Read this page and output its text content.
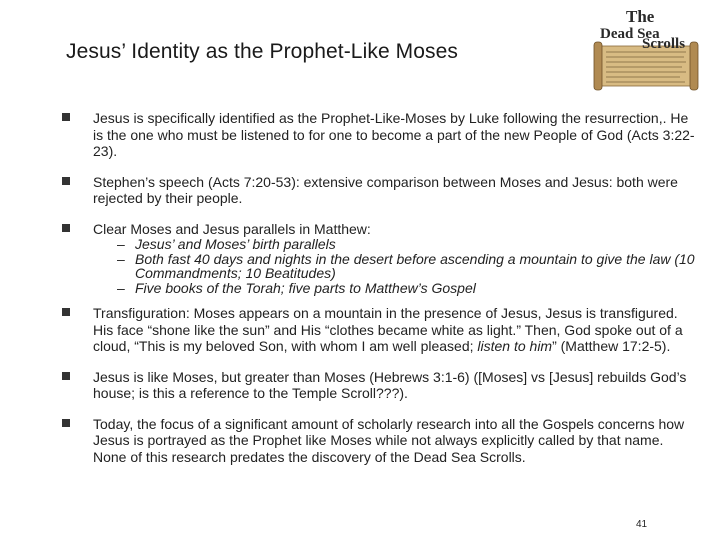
Jesus’ Identity as the Prophet-Like Moses
The
Dead Sea
Scrolls
Jesus is specifically identified as the Prophet-Like-Moses by Luke following the resurrection,. He is the one who must be listened to for one to become a part of the new People of God (Acts 3:22-23).
Stephen’s speech (Acts 7:20-53): extensive comparison between Moses and Jesus: both were rejected by their people.
Clear Moses and Jesus parallels in Matthew:
– Jesus’ and Moses’ birth parallels
– Both fast 40 days and nights in the desert before ascending a mountain to give the law (10 Commandments; 10 Beatitudes)
– Five books of the Torah; five parts to Matthew’s Gospel
Transfiguration: Moses appears on a mountain in the presence of Jesus, Jesus is transfigured. His face “shone like the sun” and His “clothes became white as light.” Then, God spoke out of a cloud, “This is my beloved Son, with whom I am well pleased; listen to him” (Matthew 17:2-5).
Jesus is like Moses, but greater than Moses (Hebrews 3:1-6) ([Moses] vs [Jesus] rebuilds God’s house; is this a reference to the Temple Scroll???).
Today, the focus of a significant amount of scholarly research into all the Gospels concerns how Jesus is portrayed as the Prophet like Moses while not always explicitly called by that name. None of this research predates the discovery of the Dead Sea Scrolls.
41
